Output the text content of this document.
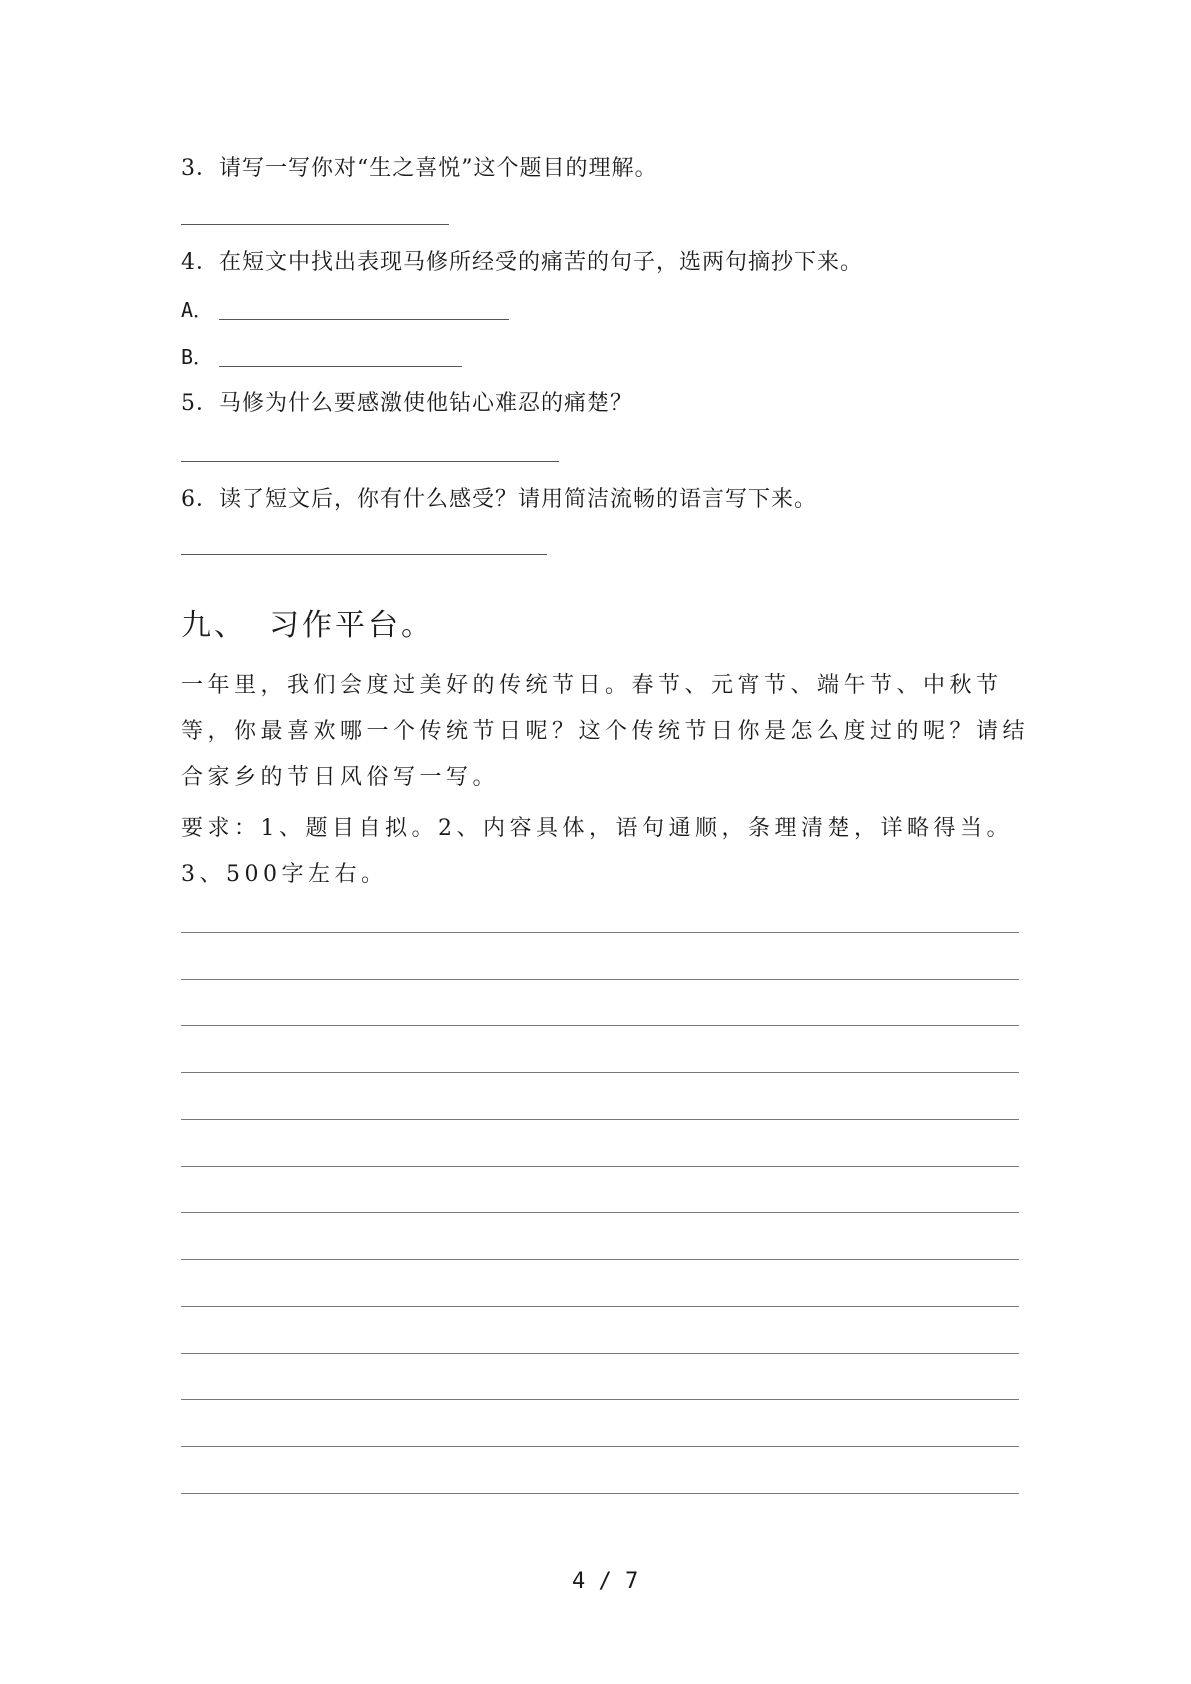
3．请写一写你对“生之喜悦”这个题目的理解。
4．在短文中找出表现马修所经受的痛苦的句子，选两句摘抄下来。
A．
B．
5．马修为什么要感激使他钻心难忍的痛楚？
6．读了短文后，你有什么感受？请用简洁流畅的语言写下来。
九、 习作平台。
一年里，我们会度过美好的传统节日。春节、元宵节、端午节、中秋节等，你最喜欢哪一个传统节日呢？这个传统节日你是怎么度过的呢？请结合家乡的节日风俗写一写。
要求：1、题目自拟。2、内容具体，语句通顺，条理清楚，详略得当。3、500字左右。
4 / 7
